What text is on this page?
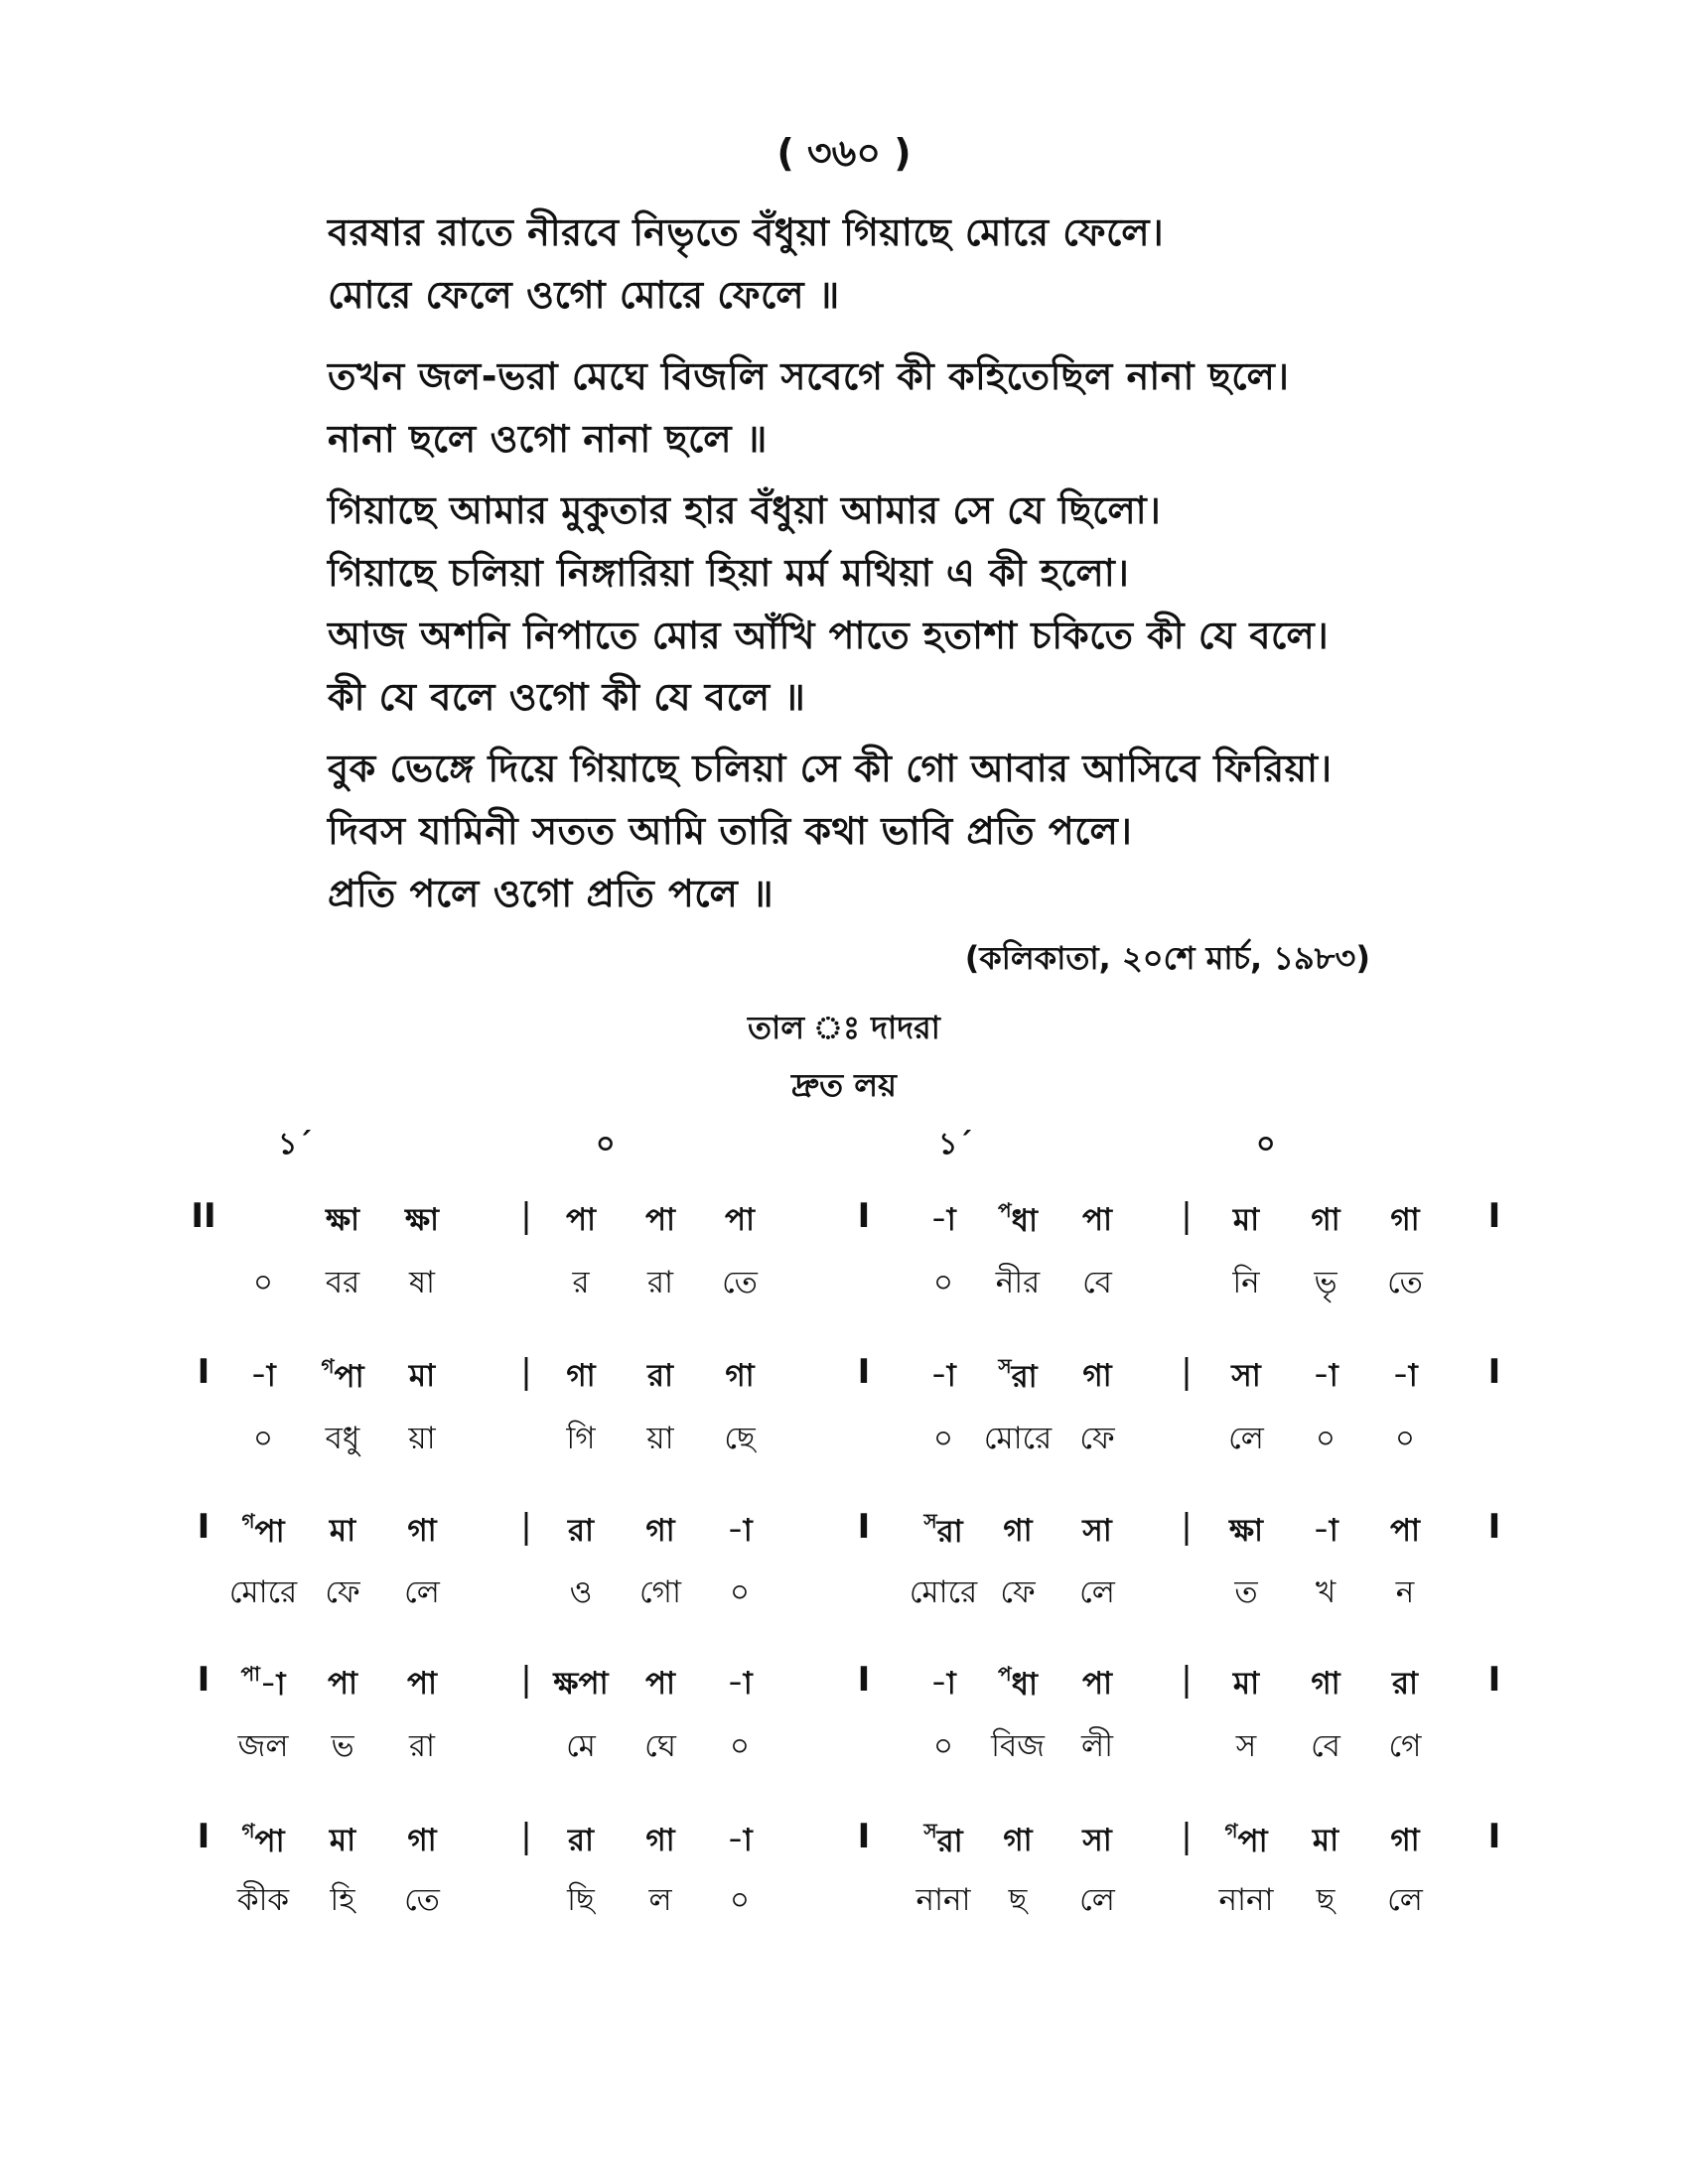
( ৩৬০ )
বরষার রাতে নীরবে নিভৃতে বঁধুয়া গিয়াছে মোরে ফেলে।
মোরে ফেলে ওগো মোরে ফেলে ॥
তখন জল-ভরা মেঘে বিজলি সবেগে কী কহিতেছিল নানা ছলে।
নানা ছলে ওগো নানা ছলে ॥
গিয়াছে আমার মুকুতার হার বঁধুয়া আমার সে যে ছিলো।
গিয়াছে চলিয়া নিঙ্গারিয়া হিয়া মর্ম মথিয়া এ কী হলো।
আজ অশনি নিপাতে মোর আঁখি পাতে হতাশা চকিতে কী যে বলে।
কী যে বলে ওগো কী যে বলে ॥
বুক ভেঙ্গে দিয়ে গিয়াছে চলিয়া সে কী গো আবার আসিবে ফিরিয়া।
দিবস যামিনী সতত আমি তারি কথা ভাবি প্রতি পলে।
প্রতি পলে ওগো প্রতি পলে ॥
(কলিকাতা, ২০শে মার্চ, ১৯৮৩)
তাল ঃ দাদরা
দ্রুত লয়
১´	০	১´	০
II	|	I	|	I
ক্ষা ক্ষা	পা পা পা	-া $^প$ধা পা	মা গা গা
০ বর ষা	র রা তে	০ নীর বে	নি ভৃ তে
I	|	I	|	I
-া $^গ$পা মা	গা রা গা	-া $^স$রা গা	সা -া -া
০ বধু য়া	গি য়া ছে	০ মোরে ফে	লে ০ ০
I	|	I	|	I
$^গ$পা মা গা	রা গা -া	$^স$রা গা সা	ক্ষা -া পা
মোরে ফে লে	ও গো ০	মোরে ফে লে	ত খ ন
I	|	I	|	I
$^{পা}$-া পা পা	ক্ষপা পা -া	-া $^প$ধা পা	মা গা রা
জল ভ রা	মে ঘে ০	০ বিজ লী	স বে গে
I	|	I	|	I
$^গ$পা মা গা	রা গা -া	$^স$রা গা সা	$^গ$পা মা গা
কীক হি তে	ছি ল ০	নানা ছ লে	নানা ছ লে
